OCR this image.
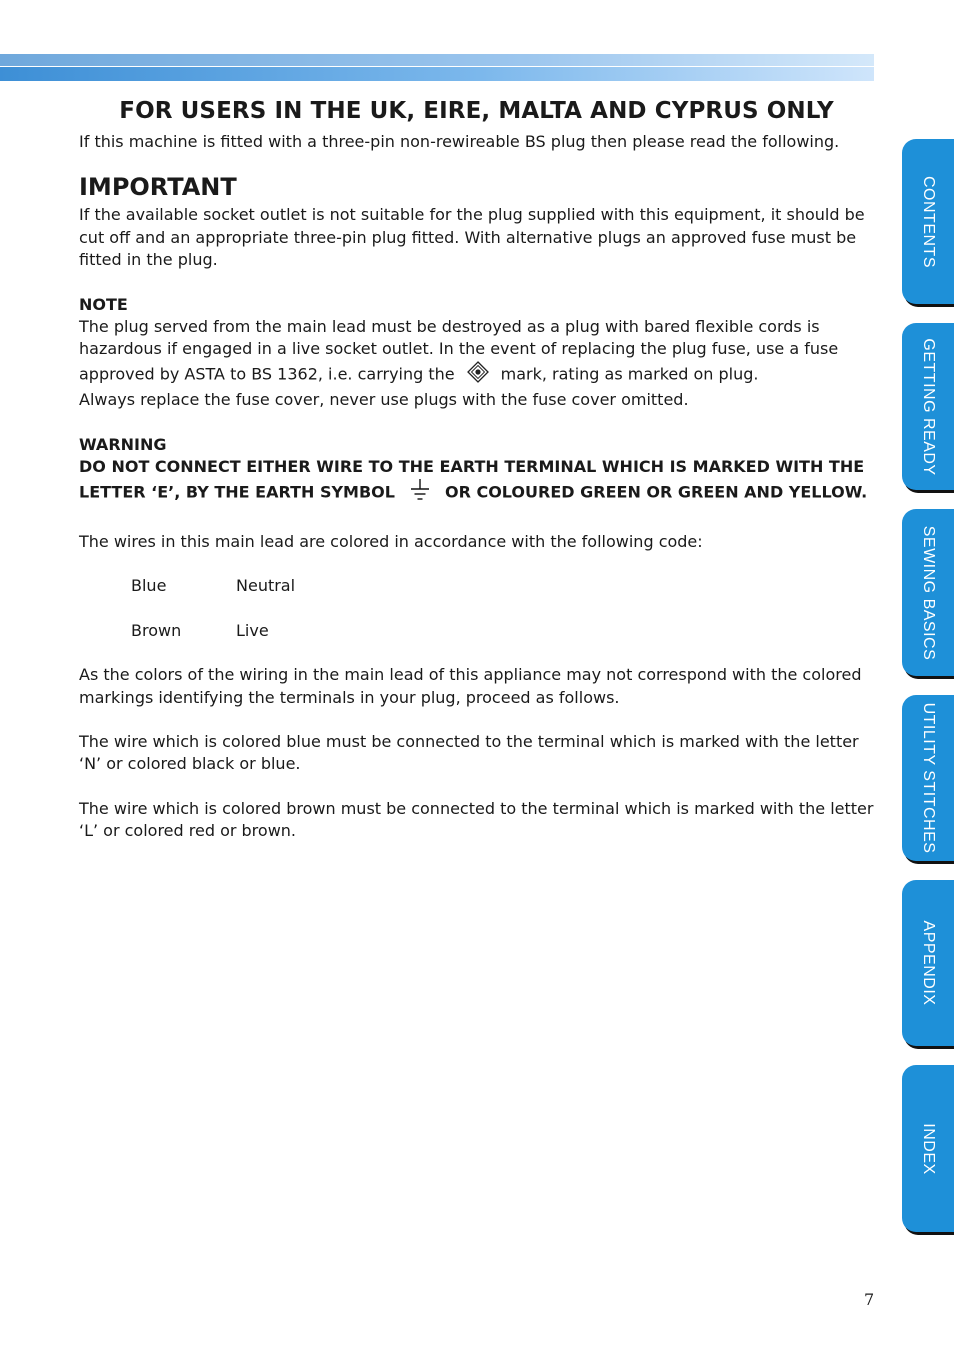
FOR USERS IN THE UK, EIRE, MALTA AND CYPRUS ONLY

If this machine is fitted with a three-pin non-rewireable BS plug then please read the following.

IMPORTANT

If the available socket outlet is not suitable for the plug supplied with this equipment, it should be cut off and an appropriate three-pin plug fitted. With alternative plugs an approved fuse must be fitted in the plug.

NOTE

The plug served from the main lead must be destroyed as a plug with bared flexible cords is hazardous if engaged in a live socket outlet. In the event of replacing the plug fuse, use a fuse approved by ASTA to BS 1362, i.e. carrying the	mark, rating as marked on plug.
Always replace the fuse cover, never use plugs with the fuse cover omitted.

WARNING

DO NOT CONNECT EITHER WIRE TO THE EARTH TERMINAL WHICH IS MARKED WITH THE LETTER ‘E’, BY THE EARTH SYMBOL	OR COLOURED GREEN OR GREEN AND YELLOW.

The wires in this main lead are colored in accordance with the following code:

Blue	Neutral
Brown	Live

As the colors of the wiring in the main lead of this appliance may not correspond with the colored markings identifying the terminals in your plug, proceed as follows.

The wire which is colored blue must be connected to the terminal which is marked with the letter ‘N’ or colored black or blue.

The wire which is colored brown must be connected to the terminal which is marked with the letter ‘L’ or colored red or brown.

CONTENTS
GETTING READY
SEWING BASICS
UTILITY STITCHES
APPENDIX
INDEX
7
